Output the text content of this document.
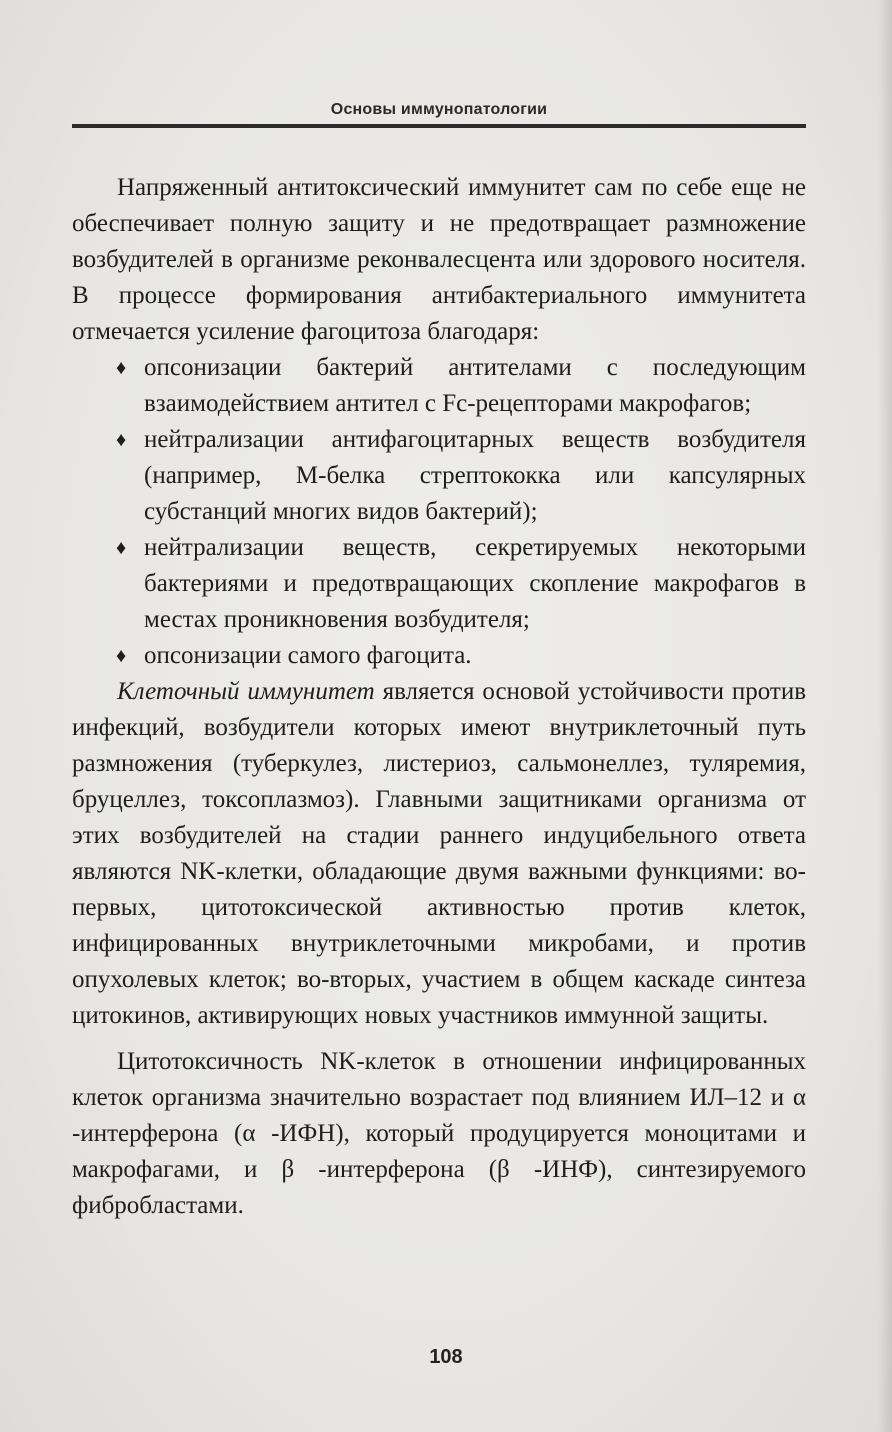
Основы иммунопатологии

Напряженный антитоксический иммунитет сам по себе еще не обеспечивает полную защиту и не предотвращает размножение возбудителей в организме реконвалесцента или здорового носителя. В процессе формирования антибактериального иммунитета отмечается усиление фагоцитоза благодаря:

♦ опсонизации бактерий антителами с последующим взаимодействием антител с Fc-рецепторами макрофагов;
♦ нейтрализации антифагоцитарных веществ возбудителя (например, М-белка стрептококка или капсулярных субстанций многих видов бактерий);
♦ нейтрализации веществ, секретируемых некоторыми бактериями и предотвращающих скопление макрофагов в местах проникновения возбудителя;
♦ опсонизации самого фагоцита.

Клеточный иммунитет является основой устойчивости против инфекций, возбудители которых имеют внутриклеточный путь размножения (туберкулез, листериоз, сальмонеллез, туляремия, бруцеллез, токсоплазмоз). Главными защитниками организма от этих возбудителей на стадии раннего индуцибельного ответа являются NK-клетки, обладающие двумя важными функциями: во-первых, цитотоксической активностью против клеток, инфицированных внутриклеточными микробами, и против опухолевых клеток; во-вторых, участием в общем каскаде синтеза цитокинов, активирующих новых участников иммунной защиты.

Цитотоксичность NK-клеток в отношении инфицированных клеток организма значительно возрастает под влиянием ИЛ–12 и α -интерферона (α -ИФН), который продуцируется моноцитами и макрофагами, и β -интерферона (β -ИНФ), синтезируемого фибробластами.

108
